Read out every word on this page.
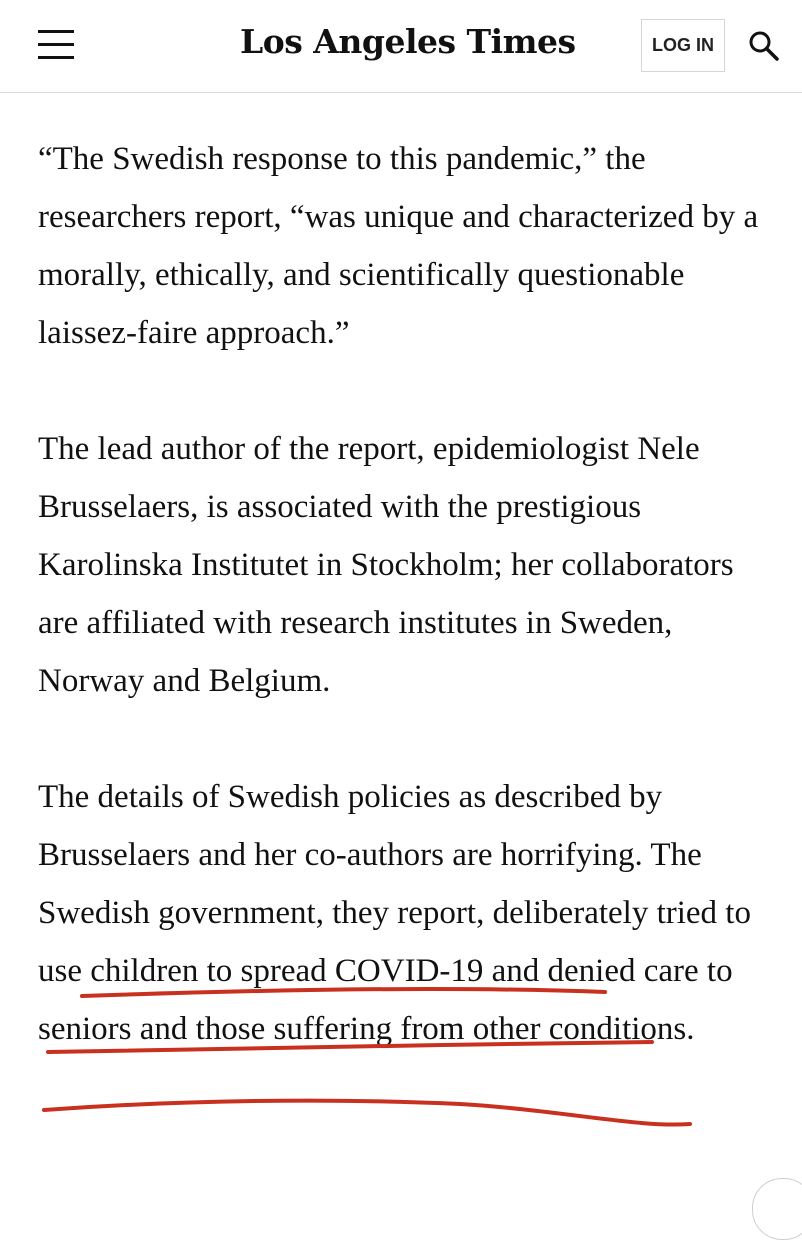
Los Angeles Times	LOG IN

“The Swedish response to this pandemic,” the researchers report, “was unique and characterized by a morally, ethically, and scientifically questionable laissez-faire approach.”

The lead author of the report, epidemiologist Nele Brusselaers, is associated with the prestigious Karolinska Institutet in Stockholm; her collaborators are affiliated with research institutes in Sweden, Norway and Belgium.

The details of Swedish policies as described by Brusselaers and her co-authors are horrifying. The Swedish government, they report, deliberately tried to use children to spread COVID-19 and denied care to seniors and those suffering from other conditions.
